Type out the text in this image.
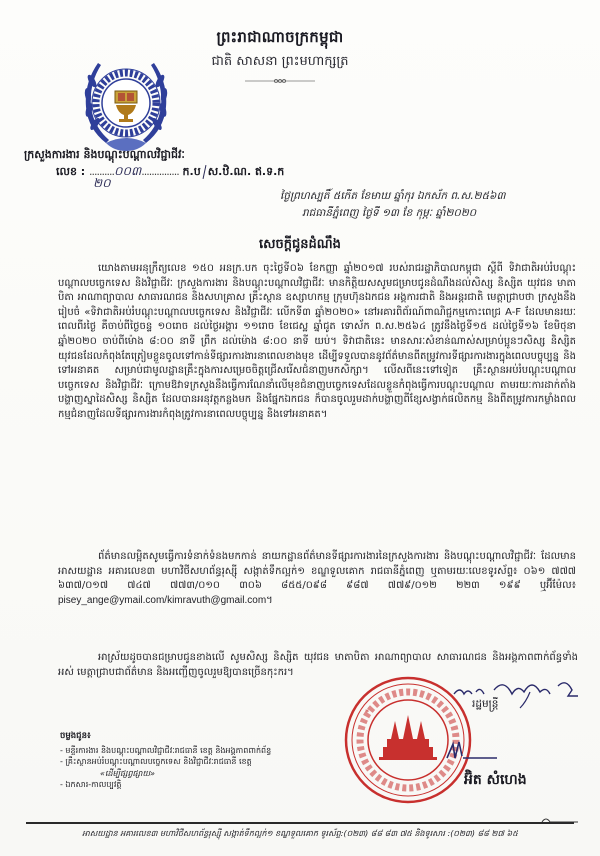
ព្រះរាជាណាចក្រកម្ពុជា
ជាតិ សាសនា ព្រះមហាក្សត្រ
ក្រសួងការងារ និងបណ្តុះបណ្តាលវិជ្ជាជីវៈ
លេខ : ..........០០៣............... ក.ប ស.ឋិ.ណ. ឥ.ទ.ក
២០
ថ្ងៃព្រហស្បតិ៍ ៥កើត ខែមាឃ ឆ្នាំកុរ ឯកស័ក ព.ស.២៥៦៣
រាជធានីភ្នំពេញ ថ្ងៃទី ១៣ ខែ កុម្ភៈ ឆ្នាំ២០២០
សេចក្តីជូនដំណឹង
យោងតាមអនុក្រឹត្យលេខ ១៥០ អនក្រ.បក ចុះថ្ងៃទី០៦ ខែកញ្ញា ឆ្នាំ២០១៧ របស់រាជរដ្ឋាភិបាលកម្ពុជា ស្តីពី ទិវាជាតិអប់រំបណ្តុះបណ្តាលបច្ចេកទេស និងវិជ្ជាជីវៈ ក្រសួងការងារ និងបណ្តុះបណ្តាលវិជ្ជាជីវៈ មានកិត្តិយសសូមជម្រាបជូនដំណឹងដល់សិស្ស និស្សិត យុវជន មាតាបិតា អាណាព្យាបាល សាធារណជន និងសហគ្រាស គ្រឹះស្ថាន ឧស្សាហកម្ម ក្រុមហ៊ុនឯកជន អង្គការជាតិ និងអន្តរជាតិ មេត្តាជ្រាបថា ក្រសួងនឹងរៀបចំ «ទិវាជាតិអប់រំបណ្តុះបណ្តាលបច្ចេកទេស និងវិជ្ជាជីវៈ លើកទី៣ ឆ្នាំ២០២០» នៅអគារពិព័រណ៍ពាណិជ្ជកម្មកោះពេជ្រ A-F ដែលមានរយៈពេលពីរថ្ងៃ គឺចាប់ពីថ្ងៃចន្ទ ១០រោច ដល់ថ្ងៃអង្គារ ១១រោច ខែជេស្ឋ ឆ្នាំជូត ទោស័ក ព.ស.២៥៦៤ ត្រូវនឹងថ្ងៃទី១៥ ដល់ថ្ងៃទី១៦ ខែមិថុនា ឆ្នាំ២០២០ ចាប់ពីម៉ោង ៨:០០ នាទី ព្រឹក ដល់ម៉ោង ៨:០០ នាទី យប់។ ទិវាជាតិនេះ មានសារៈសំខាន់ណាស់សម្រាប់ប្អូនៗសិស្ស និស្សិត យុវជនដែលកំពុងតែត្រៀមខ្លួនចូលទៅកាន់ទីផ្សារការងារនាពេលខាងមុខ ដើម្បីទទួលបាននូវព័ត៌មានពីតម្រូវការទីផ្សារការងារក្នុងពេលបច្ចុប្បន្ន និងទៅអនាគត សម្រាប់ជាមូលដ្ឋានគ្រឹះក្នុងការសម្រេចចិត្តជ្រើសរើសជំនាញមកសិក្សា។ លើសពីនេះទៅទៀត គ្រឹះស្ថានអប់រំបណ្តុះបណ្តាលបច្ចេកទេស និងវិជ្ជាជីវៈ ក្រោមឱវាទក្រសួងនឹងធ្វើការណែនាំលើមុខជំនាញបច្ចេកទេសដែលខ្លួនកំពុងធ្វើការបណ្តុះបណ្តាល តាមរយៈការដាក់តាំងបង្ហាញស្នាដៃសិស្ស និស្សិត ដែលបានអនុវត្តកន្លងមក និងផ្នែកឯកជន ក៏បានចូលរួមដាក់បង្ហាញពីខ្សែសង្វាក់ផលិតកម្ម និងពីតម្រូវការកម្លាំងពលកម្មជំនាញដែលទីផ្សារការងារកំពុងត្រូវការនាពេលបច្ចុប្បន្ន និងទៅអនាគត។
ព័ត៌មានលម្អិតសូមធ្វើការទំនាក់ទំនងមកកាន់ នាយកដ្ឋានព័ត៌មានទីផ្សារការងារនៃក្រសួងការងារ និងបណ្តុះបណ្តាលវិជ្ជាជីវៈ ដែលមានអាសយដ្ឋាន អគារលេខ៣ មហាវិថីសហព័ន្ធរុស្ស៊ី សង្កាត់ទឹកល្អក់១ ខណ្ឌទួលគោក រាជធានីភ្នំពេញ ឬតាមរយៈលេខទូរស័ព្ទ៖ ០៦១ ៧៧៧ ៦៣៧/០១៧ ៧៤៧ ៧៧៣/០១០ ៣០៦ ៨៥៥/០៩៨ ៩៨៧ ៧៧៩/០១២ ២២៣ ១៩៩ ឬអ៊ីម៉ែល៖ pisey_ange@ymail.com/kimravuth@gmail.com។
អាស្រ័យដូចបានជម្រាបជូនខាងលើ សូមសិស្ស និស្សិត យុវជន មាតាបិតា អាណាព្យាបាល សាធារណជន និងអង្គភាពពាក់ព័ន្ធទាំងអស់ មេត្តាជ្រាបជាព័ត៌មាន និងអញ្ជើញចូលរួមឱ្យបានច្រើនកុះករ។
*
រដ្ឋមន្ត្រី
អ៊ិត សំហេង
ចម្លងជូន៖
- មន្ទីរការងារ និងបណ្តុះបណ្តាលវិជ្ជាជីវៈរាជធានី ខេត្ត និងអង្គភាពពាក់ព័ន្ធ
- គ្រឹះស្ថានអប់រំបណ្តុះបណ្តាលបច្ចេកទេស និងវិជ្ជាជីវៈរាជធានី ខេត្ត
«ដើម្បីផ្សព្វផ្សាយ»
- ឯកសារ-កាលប្បវត្តិ
អាសយដ្ឋាន អគារលេខ៣ មហាវិថីសហព័ន្ធរុស្ស៊ី សង្កាត់ទឹកល្អក់១ ខណ្ឌទួលគោក ទូរស័ព្ទ:(០២៣) ៨៨ ៨៣ ៧៥ និងទូរសារ :(០២៣) ៨៨ ២៧ ៦៥
